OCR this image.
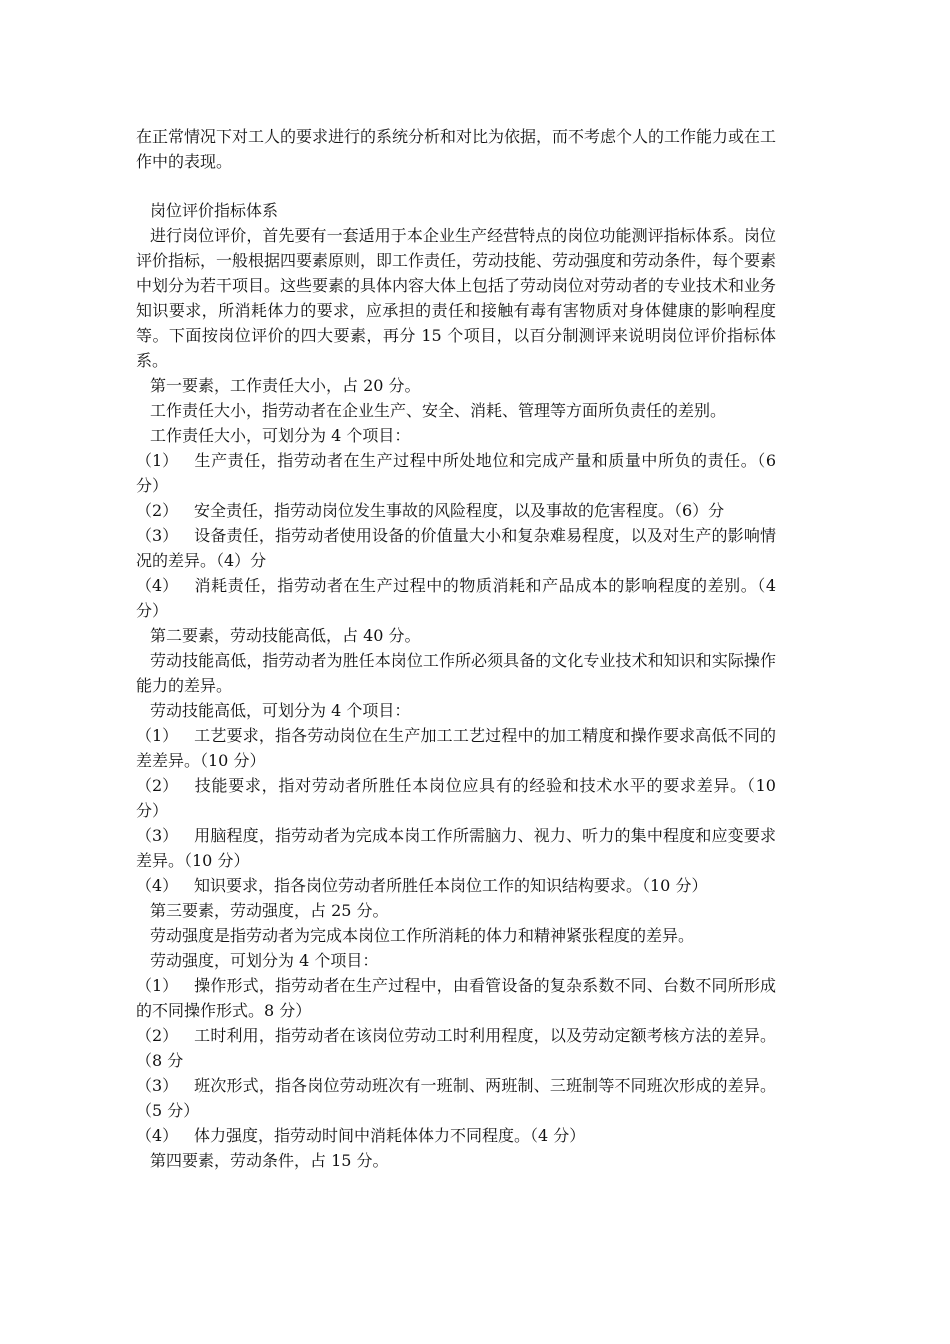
在正常情况下对工人的要求进行的系统分析和对比为依据，而不考虑个人的工作能力或在工作中的表现。

岗位评价指标体系

进行岗位评价，首先要有一套适用于本企业生产经营特点的岗位功能测评指标体系。岗位评价指标，一般根据四要素原则，即工作责任，劳动技能、劳动强度和劳动条件，每个要素中划分为若干项目。这些要素的具体内容大体上包括了劳动岗位对劳动者的专业技术和业务知识要求，所消耗体力的要求，应承担的责任和接触有毒有害物质对身体健康的影响程度等。下面按岗位评价的四大要素，再分 15 个项目，以百分制测评来说明岗位评价指标体系。

第一要素，工作责任大小，占 20 分。

工作责任大小，指劳动者在企业生产、安全、消耗、管理等方面所负责任的差别。

工作责任大小，可划分为 4 个项目：

（1） 生产责任，指劳动者在生产过程中所处地位和完成产量和质量中所负的责任。（6 分）

（2） 安全责任，指劳动岗位发生事故的风险程度，以及事故的危害程度。（6）分

（3） 设备责任，指劳动者使用设备的价值量大小和复杂难易程度，以及对生产的影响情况的差异。（4）分

（4） 消耗责任，指劳动者在生产过程中的物质消耗和产品成本的影响程度的差别。（4 分）

第二要素，劳动技能高低，占 40 分。

劳动技能高低，指劳动者为胜任本岗位工作所必须具备的文化专业技术和知识和实际操作能力的差异。

劳动技能高低，可划分为 4 个项目：

（1） 工艺要求，指各劳动岗位在生产加工工艺过程中的加工精度和操作要求高低不同的差差异。（10 分）

（2） 技能要求，指对劳动者所胜任本岗位应具有的经验和技术水平的要求差异。（10 分）

（3） 用脑程度，指劳动者为完成本岗工作所需脑力、视力、听力的集中程度和应变要求差异。（10 分）

（4） 知识要求，指各岗位劳动者所胜任本岗位工作的知识结构要求。（10 分）

第三要素，劳动强度，占 25 分。

劳动强度是指劳动者为完成本岗位工作所消耗的体力和精神紧张程度的差异。

劳动强度，可划分为 4 个项目：

（1） 操作形式，指劳动者在生产过程中，由看管设备的复杂系数不同、台数不同所形成的不同操作形式。8 分）

（2） 工时利用，指劳动者在该岗位劳动工时利用程度，以及劳动定额考核方法的差异。（8 分

（3） 班次形式，指各岗位劳动班次有一班制、两班制、三班制等不同班次形成的差异。（5 分）

（4） 体力强度，指劳动时间中消耗体体力不同程度。（4 分）

第四要素，劳动条件，占 15 分。
